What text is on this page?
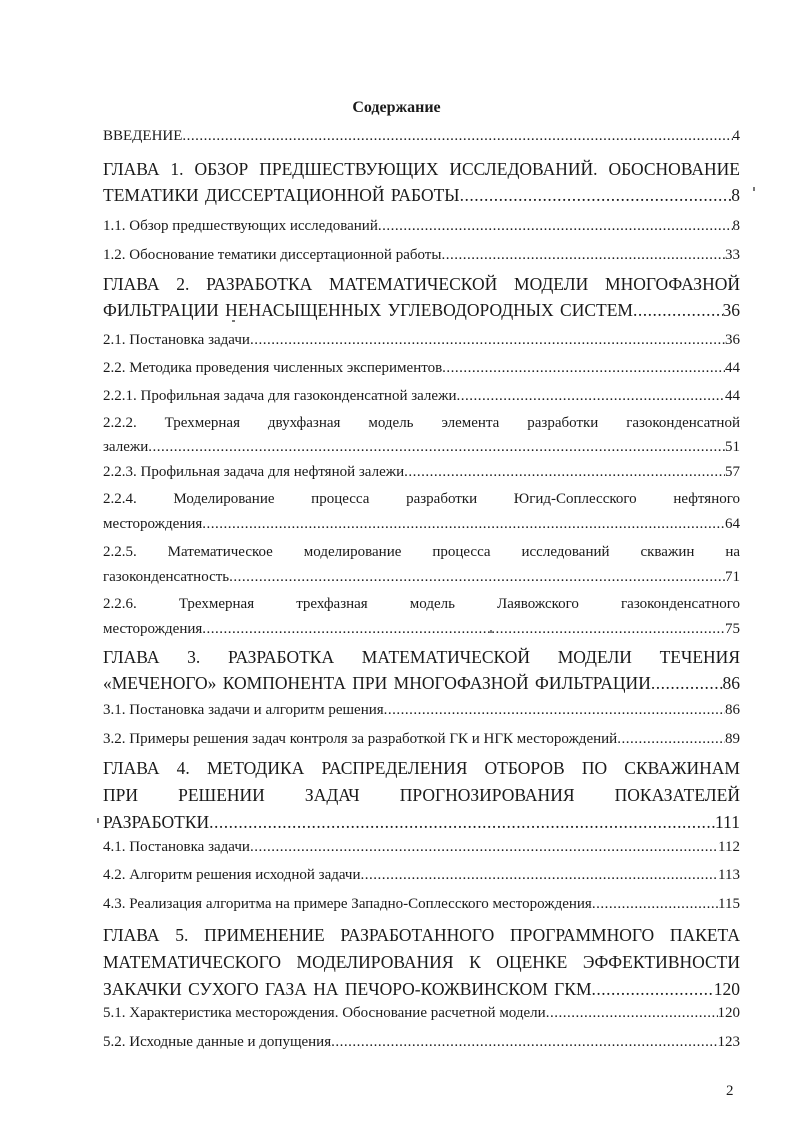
Содержание
ВВЕДЕНИЕ .....	4
ГЛАВА 1. ОБЗОР ПРЕДШЕСТВУЮЩИХ ИССЛЕДОВАНИЙ. ОБОСНОВАНИЕ
ТЕМАТИКИ ДИССЕРТАЦИОННОЙ РАБОТЫ .....	8
1.1. Обзор предшествующих исследований .....	8
1.2. Обоснование тематики диссертационной работы .....	33
ГЛАВА 2. РАЗРАБОТКА МАТЕМАТИЧЕСКОЙ МОДЕЛИ МНОГОФАЗНОЙ
ФИЛЬТРАЦИИ НЕНАСЫЩЕННЫХ УГЛЕВОДОРОДНЫХ СИСТЕМ .....	36
2.1. Постановка задачи .....	36
2.2. Методика проведения численных экспериментов .....	44
2.2.1. Профильная задача для газоконденсатной залежи .....	44
2.2.2. Трехмерная двухфазная модель элемента разработки газоконденсатной
залежи .....	51
2.2.3. Профильная задача для нефтяной залежи .....	57
2.2.4. Моделирование процесса разработки Югид-Соплесского нефтяного
месторождения .....	64
2.2.5. Математическое моделирование процесса исследований скважин на
газоконденсатность .....	71
2.2.6. Трехмерная трехфазная модель Лаявожского газоконденсатного
месторождения .....	75
ГЛАВА 3. РАЗРАБОТКА МАТЕМАТИЧЕСКОЙ МОДЕЛИ ТЕЧЕНИЯ
«МЕЧЕНОГО» КОМПОНЕНТА ПРИ МНОГОФАЗНОЙ ФИЛЬТРАЦИИ .....	86
3.1. Постановка задачи и алгоритм решения .....	86
3.2. Примеры решения задач контроля за разработкой ГК и НГК месторождений .....	89
ГЛАВА 4. МЕТОДИКА РАСПРЕДЕЛЕНИЯ ОТБОРОВ ПО СКВАЖИНАМ
ПРИ РЕШЕНИИ ЗАДАЧ ПРОГНОЗИРОВАНИЯ ПОКАЗАТЕЛЕЙ
РАЗРАБОТКИ .....	111
4.1. Постановка задачи .....	112
4.2. Алгоритм решения исходной задачи .....	113
4.3. Реализация алгоритма на примере Западно-Соплесского месторождения .....	115
ГЛАВА 5. ПРИМЕНЕНИЕ РАЗРАБОТАННОГО ПРОГРАММНОГО ПАКЕТА
МАТЕМАТИЧЕСКОГО МОДЕЛИРОВАНИЯ К ОЦЕНКЕ ЭФФЕКТИВНОСТИ
ЗАКАЧКИ СУХОГО ГАЗА НА ПЕЧОРО-КОЖВИНСКОМ ГКМ .....	120
5.1. Характеристика месторождения. Обоснование расчетной модели .....	120
5.2. Исходные данные и допущения .....	123
2
